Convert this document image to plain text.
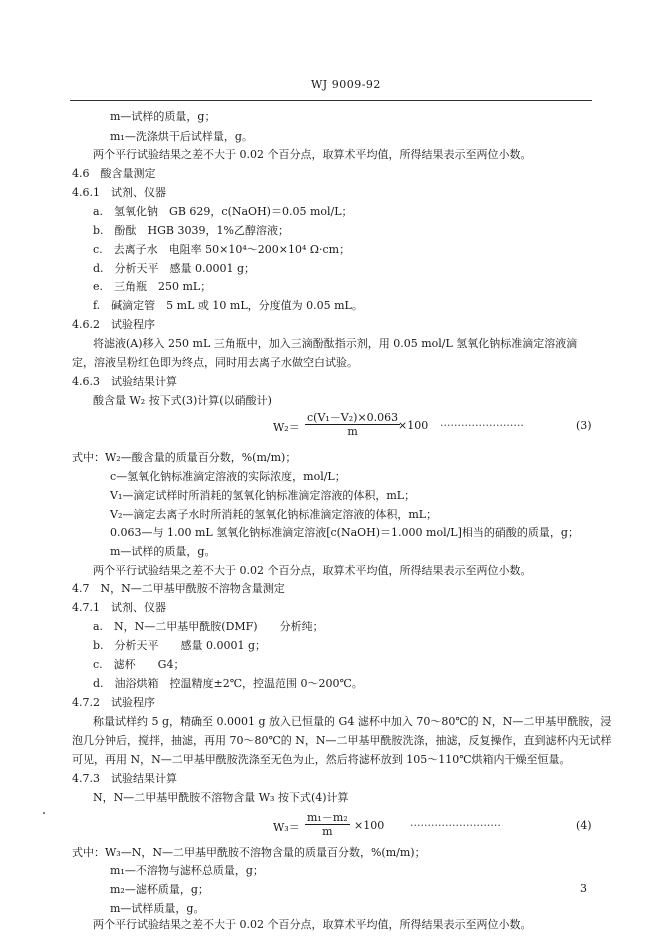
WJ 9009-92
m—试样的质量，g；
m₁—洗涤烘干后试样量，g。
两个平行试验结果之差不大于 0.02 个百分点，取算术平均值，所得结果表示至两位小数。
4.6　酸含量测定
4.6.1　试剂、仪器
a.　氢氧化钠　GB 629，c(NaOH)＝0.05 mol/L；
b.　酚酞　HGB 3039，1%乙醇溶液；
c.　去离子水　电阻率 50×10⁴～200×10⁴ Ω·cm；
d.　分析天平　感量 0.0001 g；
e.　三角瓶　250 mL；
f.　碱滴定管　5 mL 或 10 mL，分度值为 0.05 mL。
4.6.2　试验程序
将滤液(A)移入 250 mL 三角瓶中，加入三滴酚酞指示剂，用 0.05 mol/L 氢氧化钠标准滴定溶液滴
定，溶液呈粉红色即为终点，同时用去离子水做空白试验。
4.6.3　试验结果计算
酸含量 W₂ 按下式(3)计算(以硝酸计)
$W_2= \frac{\text{c(V₁－V₂)×0.063}}{m}$
×100 ························	(3)
式中：W₂—酸含量的质量百分数，%(m/m)；
c—氢氧化钠标准滴定溶液的实际浓度，mol/L；
V₁—滴定试样时所消耗的氢氧化钠标准滴定溶液的体积，mL；
V₂—滴定去离子水时所消耗的氢氧化钠标准滴定溶液的体积，mL；
0.063—与 1.00 mL 氢氧化钠标准滴定溶液[c(NaOH)＝1.000 mol/L]相当的硝酸的质量，g；
m—试样的质量，g。
两个平行试验结果之差不大于 0.02 个百分点，取算术平均值，所得结果表示至两位小数。
4.7　N，N—二甲基甲酰胺不溶物含量测定
4.7.1　试剂、仪器
a.　N，N—二甲基甲酰胺(DMF)　　分析纯；
b.　分析天平　　感量 0.0001 g；
c.　滤杯　　G4；
d.　油浴烘箱　控温精度±2℃，控温范围 0～200℃。
4.7.2　试验程序
称量试样约 5 g，精确至 0.0001 g 放入已恒量的 G4 滤杯中加入 70～80℃的 N，N—二甲基甲酰胺，浸
泡几分钟后，搅拌，抽滤，再用 70～80℃的 N，N—二甲基甲酰胺洗涤，抽滤，反复操作，直到滤杯内无试样
可见，再用 N，N—二甲基甲酰胺洗涤至无色为止，然后将滤杯放到 105～110℃烘箱内干燥至恒量。
4.7.3　试验结果计算
N，N—二甲基甲酰胺不溶物含量 W₃ 按下式(4)计算
$W_3= \frac{\text{m₁－m₂}}{m} \times 100$ ··························	(4)
式中：W₃—N，N—二甲基甲酰胺不溶物含量的质量百分数，%(m/m)；
m₁—不溶物与滤杯总质量，g；
m₂—滤杯质量，g；
m—试样质量，g。
两个平行试验结果之差不大于 0.02 个百分点，取算术平均值，所得结果表示至两位小数。
3
